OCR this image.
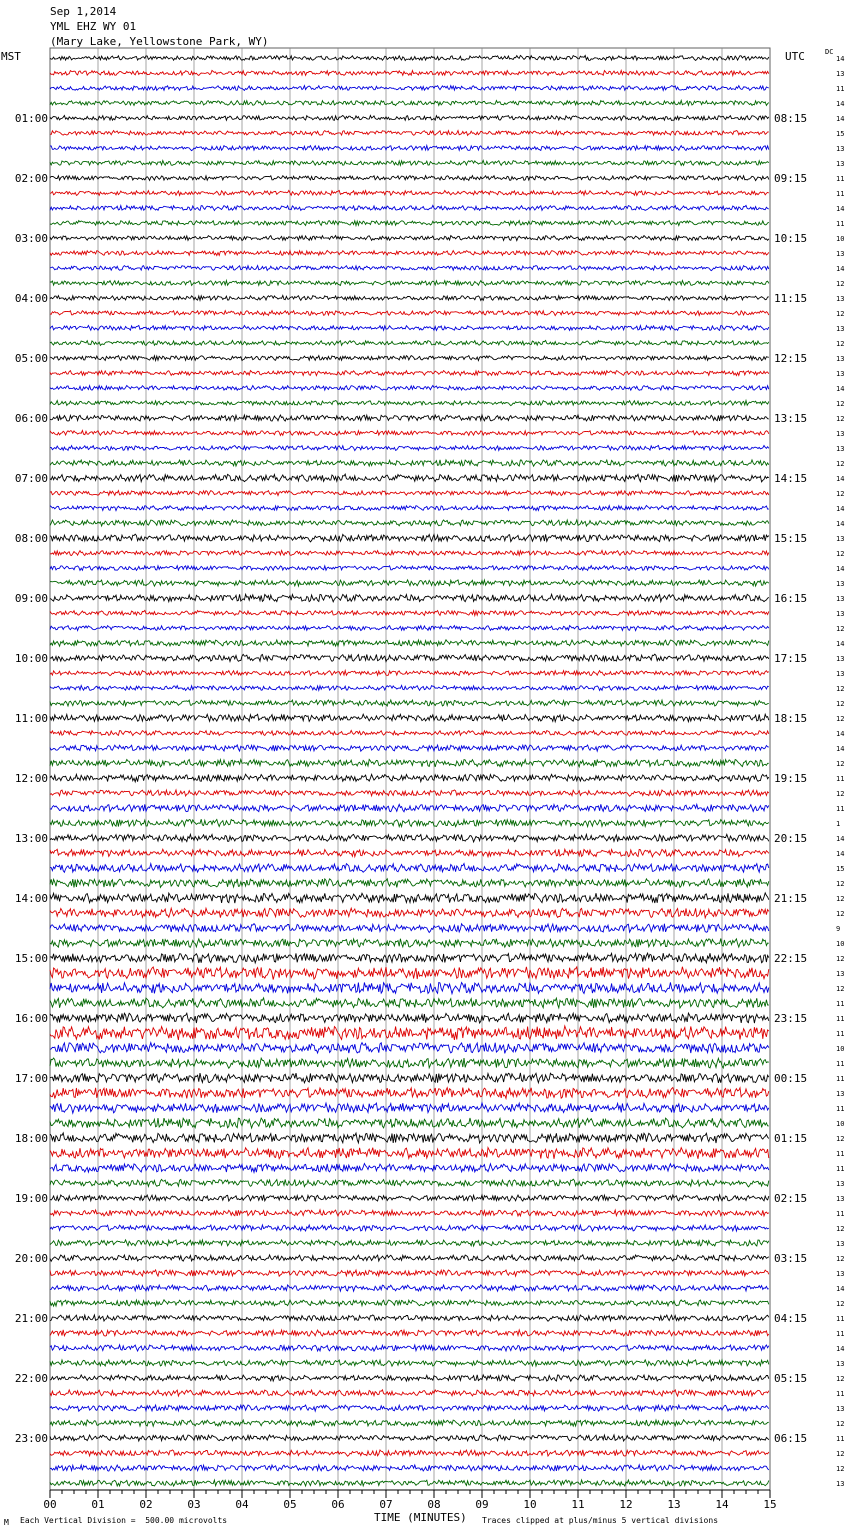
Sep 1,2014
YML EHZ WY 01
(Mary Lake, Yellowstone Park, WY)
MST	UTC	DC
14
13
11
14
14
15
13
13
11
11
14
11
10
13
14
12
13
12
13
12
13
13
14
12
12
13
13
12
14
12
14
14
13
12
14
13
13
13
12
14
13
13
12
12
12
14
14
12
11
12
11
1
14
14
15
12
12
12
9
10
12
13
12
11
11
11
10
11
11
13
11
10
12
11
11
13
13
11
12
13
12
13
14
12
11
11
14
13
12
11
13
12
11
12
12
13
01:00	08:15
02:00	09:15
03:00	10:15
04:00	11:15
05:00	12:15
06:00	13:15
07:00	14:15
08:00	15:15
09:00	16:15
10:00	17:15
11:00	18:15
12:00	19:15
13:00	20:15
14:00	21:15
15:00	22:15
16:00	23:15
17:00	00:15
18:00	01:15
19:00	02:15
20:00	03:15
21:00	04:15
22:00	05:15
23:00	06:15
00	01	02	03	04	05	06	07	08	09	10	11	12	13	14	15
M Each Vertical Division =  500.00 microvolts	TIME (MINUTES) Traces clipped at plus/minus 5 vertical divisions
